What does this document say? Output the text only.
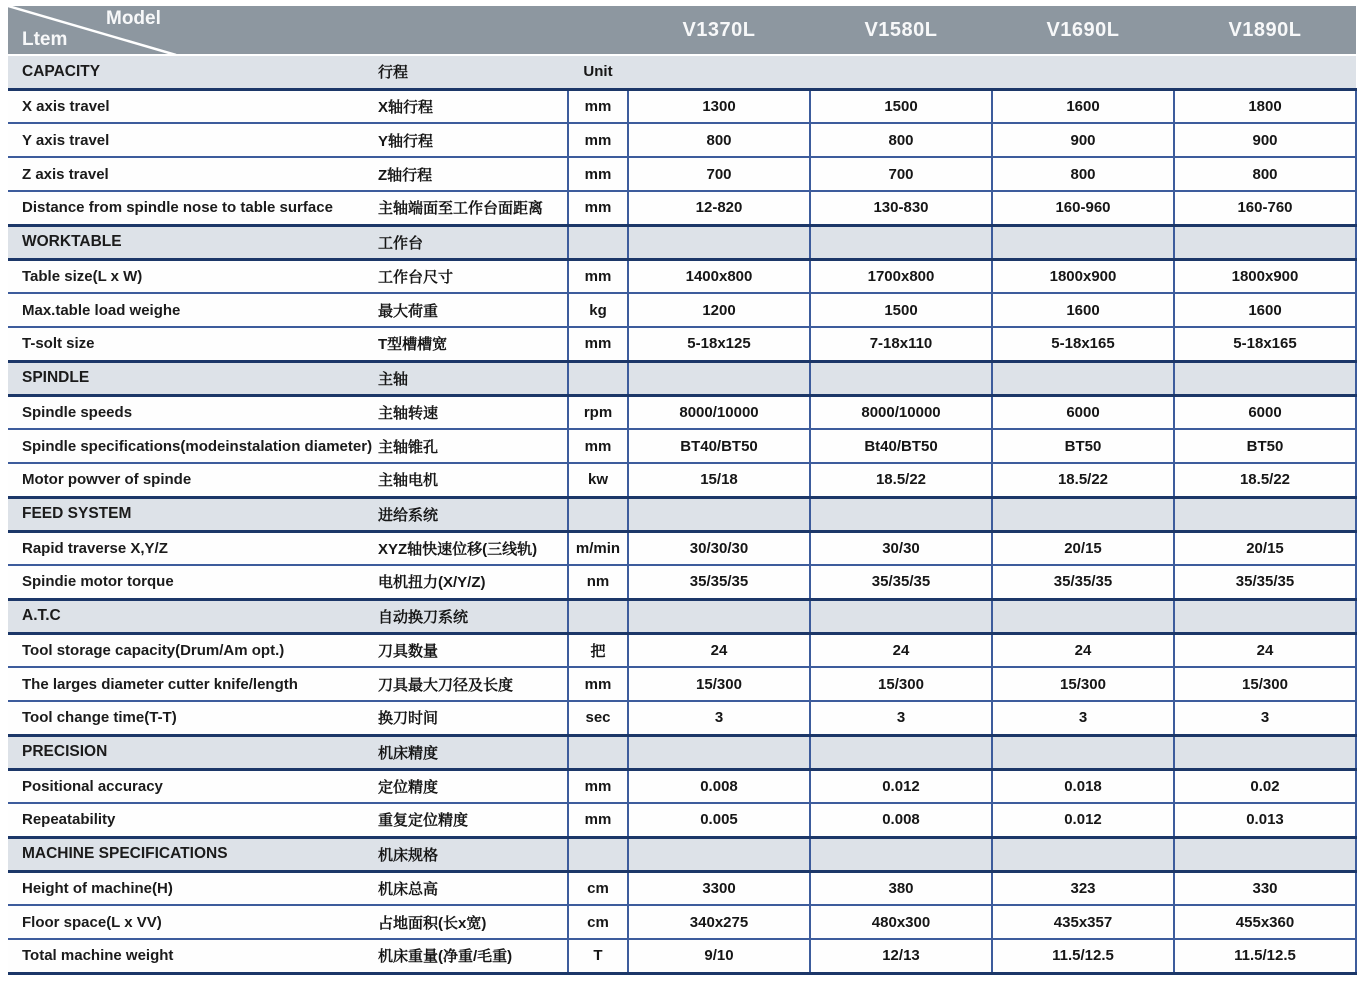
Model
Ltem			V1370L	V1580L	V1690L	V1890L
CAPACITY	行程	Unit				
X axis travel	X轴行程	mm	1300	1500	1600	1800
Y axis travel	Y轴行程	mm	800	800	900	900
Z axis travel	Z轴行程	mm	700	700	800	800
Distance from spindle nose to table surface	主轴端面至工作台面距离	mm	12-820	130-830	160-960	160-760
WORKTABLE	工作台					
Table size(L x W)	工作台尺寸	mm	1400x800	1700x800	1800x900	1800x900
Max.table load weighe	最大荷重	kg	1200	1500	1600	1600
T-solt size	T型槽槽宽	mm	5-18x125	7-18x110	5-18x165	5-18x165
SPINDLE	主轴					
Spindle speeds	主轴转速	rpm	8000/10000	8000/10000	6000	6000
Spindle specifications(modeinstalation diameter)	主轴锥孔	mm	BT40/BT50	Bt40/BT50	BT50	BT50
Motor powver of spinde	主轴电机	kw	15/18	18.5/22	18.5/22	18.5/22
FEED SYSTEM	进给系统					
Rapid traverse X,Y/Z	XYZ轴快速位移(三线轨)	m/min	30/30/30	30/30	20/15	20/15
Spindie motor torque	电机扭力(X/Y/Z)	nm	35/35/35	35/35/35	35/35/35	35/35/35
A.T.C	自动换刀系统					
Tool storage capacity(Drum/Am opt.)	刀具数量	把	24	24	24	24
The larges diameter cutter knife/length	刀具最大刀径及长度	mm	15/300	15/300	15/300	15/300
Tool change time(T-T)	换刀时间	sec	3	3	3	3
PRECISION	机床精度					
Positional accuracy	定位精度	mm	0.008	0.012	0.018	0.02
Repeatability	重复定位精度	mm	0.005	0.008	0.012	0.013
MACHINE SPECIFICATIONS	机床规格					
Height of machine(H)	机床总高	cm	3300	380	323	330
Floor space(L x VV)	占地面积(长x宽)	cm	340x275	480x300	435x357	455x360
Total machine weight	机床重量(净重/毛重)	T	9/10	12/13	11.5/12.5	11.5/12.5
